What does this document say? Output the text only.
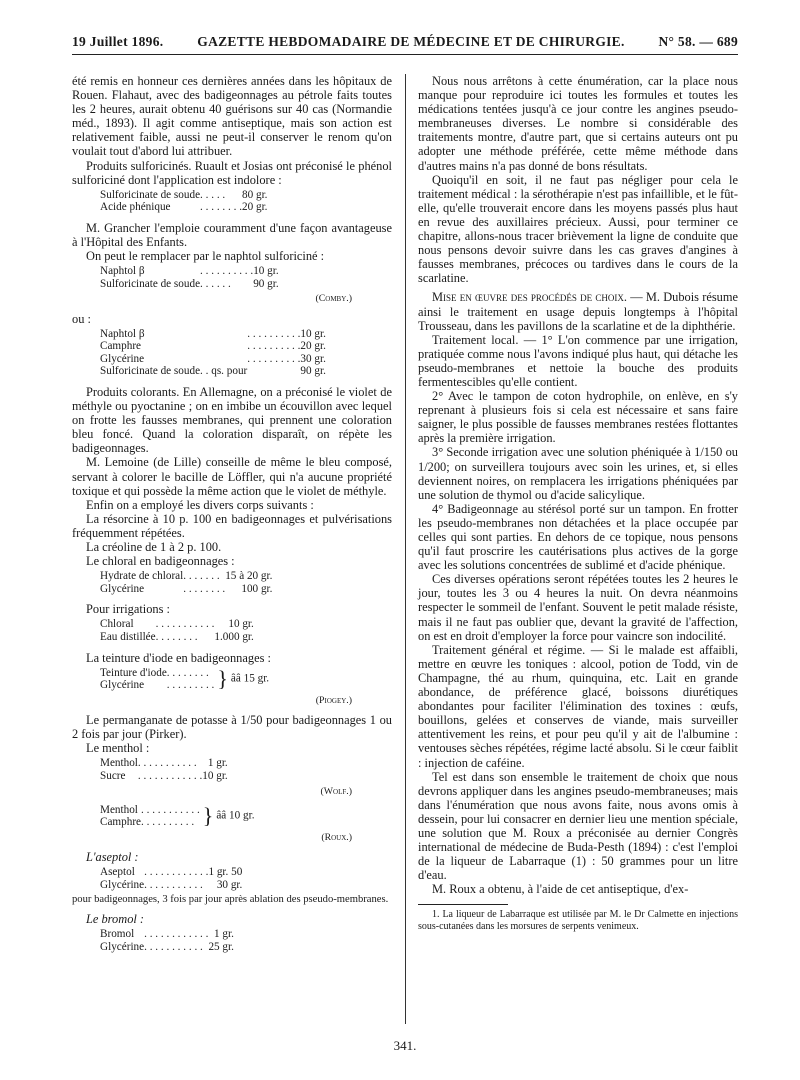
19 Juillet 1896.	GAZETTE HEBDOMADAIRE DE MÉDECINE ET DE CHIRURGIE.	N° 58. — 689

été remis en honneur ces dernières années dans les hôpitaux de Rouen. Flahaut, avec des badigeonnages au pétrole faits toutes les 2 heures, aurait obtenu 40 guérisons sur 40 cas (Normandie méd., 1893). Il agit comme antiseptique, mais son action est relativement faible, aussi ne peut-il conserver le renom qu'on voulait tout d'abord lui attribuer.

Produits sulforicinés. Ruault et Josias ont préconisé le phénol sulforiciné dont l'application est indolore :

Sulforicinate de soude	. . . . .	80 gr.
Acide phénique	. . . . . . . .	20 gr.

M. Grancher l'emploie couramment d'une façon avantageuse à l'Hôpital des Enfants.

On peut le remplacer par le naphtol sulforiciné :

Naphtol β	. . . . . . . . . .	10 gr.
Sulforicinate de soude	. . . . . .	90 gr.
(Comby.)

ou :

Naphtol β	. . . . . . . . . .	10 gr.
Camphre	. . . . . . . . . .	20 gr.
Glycérine	. . . . . . . . . .	30 gr.
Sulforicinate de soude. . qs. pour		90 gr.

Produits colorants. En Allemagne, on a préconisé le violet de méthyle ou pyoctanine ; on en imbibe un écouvillon avec lequel on frotte les fausses membranes, qui prennent une coloration bleu foncé. Quand la coloration disparaît, on répète les badigeonnages.

M. Lemoine (de Lille) conseille de même le bleu composé, servant à colorer le bacille de Löffler, qui n'a aucune propriété toxique et qui possède la même action que le violet de méthyle.

Enfin on a employé les divers corps suivants :

La résorcine à 10 p. 100 en badigeonnages et pulvérisations fréquemment répétées.

La créoline de 1 à 2 p. 100.

Le chloral en badigeonnages :

Hydrate de chloral	. . . . . . .	15 à 20 gr.
Glycérine	. . . . . . . .	100 gr.

Pour irrigations :

Chloral	. . . . . . . . . . .	10 gr.
Eau distillée	. . . . . . . .	1.000 gr.

La teinture d'iode en badigeonnages :

Teinture d'iode	. . . . . . . .	} ââ 15 gr.
Glycérine	. . . . . . . . .	
(Piogey.)

Le permanganate de potasse à 1/50 pour badigeonnages 1 ou 2 fois par jour (Pirker).

Le menthol :

Menthol	. . . . . . . . . . .	1 gr.
Sucre	. . . . . . . . . . . .	10 gr.
(Wolf.)
Menthol	. . . . . . . . . . .	} ââ 10 gr.
Camphre	. . . . . . . . . .	
(Roux.)

L'aseptol :

Aseptol	. . . . . . . . . . . .	1 gr. 50
Glycérine	. . . . . . . . . . .	30 gr.

pour badigeonnages, 3 fois par jour après ablation des pseudo-membranes.

Le bromol :

Bromol	. . . . . . . . . . . .	1 gr.
Glycérine	. . . . . . . . . . .	25 gr.

Nous nous arrêtons à cette énumération, car la place nous manque pour reproduire ici toutes les formules et toutes les médications tentées jusqu'à ce jour contre les angines pseudo-membraneuses diverses. Le nombre si considérable des traitements montre, d'autre part, que si certains auteurs ont pu adopter une méthode préférée, cette même méthode dans d'autres mains n'a pas donné de bons résultats.

Quoiqu'il en soit, il ne faut pas négliger pour cela le traitement médical : la sérothérapie n'est pas infaillible, et le fût-elle, qu'elle trouverait encore dans les moyens passés plus haut en revue des auxillaires précieux. Aussi, pour terminer ce chapitre, allons-nous tracer brièvement la ligne de conduite que nous pensons devoir suivre dans les cas graves d'angines à fausses membranes, précoces ou tardives dans le cours de la scarlatine.

Mise en œuvre des procédés de choix. — M. Dubois résume ainsi le traitement en usage depuis longtemps à l'hôpital Trousseau, dans les pavillons de la scarlatine et de la diphthérie.

Traitement local. — 1° L'on commence par une irrigation, pratiquée comme nous l'avons indiqué plus haut, qui détache les pseudo-membranes et nettoie la bouche des produits fermentescibles qu'elle contient.

2° Avec le tampon de coton hydrophile, on enlève, en s'y reprenant à plusieurs fois si cela est nécessaire et sans faire saigner, le plus possible de fausses membranes restées flottantes après la première irrigation.

3° Seconde irrigation avec une solution phéniquée à 1/150 ou 1/200; on surveillera toujours avec soin les urines, et, si elles deviennent noires, on remplacera les irrigations phéniquées par une solution de thymol ou d'acide salicylique.

4° Badigeonnage au stérésol porté sur un tampon. En frotter les pseudo-membranes non détachées et la place occupée par celles qui sont parties. En dehors de ce topique, nous pensons qu'il faut proscrire les cautérisations plus actives de la gorge avec les solutions concentrées de sublimé et d'acide phénique.

Ces diverses opérations seront répétées toutes les 2 heures le jour, toutes les 3 ou 4 heures la nuit. On devra néanmoins respecter le sommeil de l'enfant. Souvent le petit malade résiste, mais il ne faut pas oublier que, devant la gravité de l'affection, on est en droit d'employer la force pour vaincre son indocilité.

Traitement général et régime. — Si le malade est affaibli, mettre en œuvre les toniques : alcool, potion de Todd, vin de Champagne, thé au rhum, quinquina, etc. Lait en grande abondance, de préférence glacé, boissons diurétiques abondantes pour faciliter l'élimination des toxines : œufs, bouillons, gelées et conserves de viande, mais surveiller attentivement les reins, et pour peu qu'il y ait de l'albumine : ventouses sèches répétées, régime lacté absolu. Si le cœur faiblit : injection de caféine.

Tel est dans son ensemble le traitement de choix que nous devrons appliquer dans les angines pseudo-membraneuses; mais dans l'énumération que nous avons faite, nous avons omis à dessein, pour lui consacrer en dernier lieu une mention spéciale, une solution que M. Roux a préconisée au dernier Congrès international de médecine de Buda-Pesth (1894) : c'est l'emploi de la liqueur de Labarraque (1) : 50 grammes pour un litre d'eau.

M. Roux a obtenu, à l'aide de cet antiseptique, d'ex-

1. La liqueur de Labarraque est utilisée par M. le Dr Calmette en injections sous-cutanées dans les morsures de serpents venimeux.

341.
